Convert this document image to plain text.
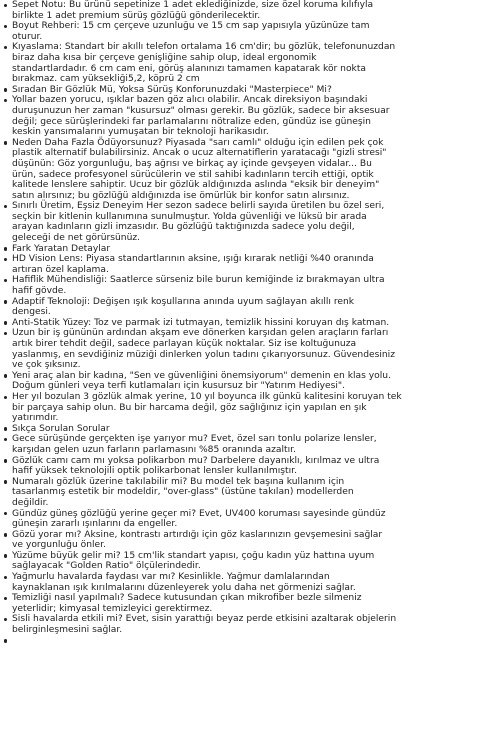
Sepet Notu: Bu ürünü sepetinize 1 adet eklediğinizde, size özel koruma kılıfıyla
birlikte 1 adet premium sürüş gözlüğü gönderilecektir.
Boyut Rehberi: 15 cm çerçeve uzunluğu ve 15 cm sap yapısıyla yüzünüze tam
oturur.
Kıyaslama: Standart bir akıllı telefon ortalama 16 cm'dir; bu gözlük, telefonunuzdan
biraz daha kısa bir çerçeve genişliğine sahip olup, ideal ergonomik
standartlardadır. 6 cm cam eni, görüş alanınızı tamamen kapatarak kör nokta
bırakmaz. cam yüksekliği5,2, köprü 2 cm
Sıradan Bir Gözlük Mü, Yoksa Sürüş Konforunuzdaki "Masterpiece" Mi?
Yollar bazen yorucu, ışıklar bazen göz alıcı olabilir. Ancak direksiyon başındaki
duruşunuzun her zaman "kusursuz" olması gerekir. Bu gözlük, sadece bir aksesuar
değil; gece sürüşlerindeki far parlamalarını nötralize eden, gündüz ise güneşin
keskin yansımalarını yumuşatan bir teknoloji harikasıdır.
Neden Daha Fazla Ödüyorsunuz? Piyasada "sarı camlı" olduğu için edilen pek çok
plastik alternatif bulabilirsiniz. Ancak o ucuz alternatiflerin yaratacağı "gizli stresi"
düşünün: Göz yorgunluğu, baş ağrısı ve birkaç ay içinde gevşeyen vidalar... Bu
ürün, sadece profesyonel sürücülerin ve stil sahibi kadınların tercih ettiği, optik
kalitede lenslere sahiptir. Ucuz bir gözlük aldığınızda aslında "eksik bir deneyim"
satın alırsınız; bu gözlüğü aldığınızda ise ömürlük bir konfor satın alırsınız.
Sınırlı Üretim, Eşsiz Deneyim Her sezon sadece belirli sayıda üretilen bu özel seri,
seçkin bir kitlenin kullanımına sunulmuştur. Yolda güvenliği ve lüksü bir arada
arayan kadınların gizli imzasıdır. Bu gözlüğü taktığınızda sadece yolu değil,
geleceği de net görürsünüz.
Fark Yaratan Detaylar
HD Vision Lens: Piyasa standartlarının aksine, ışığı kırarak netliği %40 oranında
artıran özel kaplama.
Hafiflik Mühendisliği: Saatlerce sürseniz bile burun kemiğinde iz bırakmayan ultra
hafif gövde.
Adaptif Teknoloji: Değişen ışık koşullarına anında uyum sağlayan akıllı renk
dengesi.
Anti-Statik Yüzey: Toz ve parmak izi tutmayan, temizlik hissini koruyan dış katman.
Uzun bir iş gününün ardından akşam eve dönerken karşıdan gelen araçların farları
artık birer tehdit değil, sadece parlayan küçük noktalar. Siz ise koltuğunuza
yaslanmış, en sevdiğiniz müziği dinlerken yolun tadını çıkarıyorsunuz. Güvendesiniz
ve çok şıksınız.
Yeni araç alan bir kadına, "Sen ve güvenliğini önemsiyorum" demenin en klas yolu.
Doğum günleri veya terfi kutlamaları için kusursuz bir "Yatırım Hediyesi".
Her yıl bozulan 3 gözlük almak yerine, 10 yıl boyunca ilk günkü kalitesini koruyan tek
bir parçaya sahip olun. Bu bir harcama değil, göz sağlığınız için yapılan en şık
yatırımdır.
Sıkça Sorulan Sorular
Gece sürüşünde gerçekten işe yarıyor mu? Evet, özel sarı tonlu polarize lensler,
karşıdan gelen uzun farların parlamasını %85 oranında azaltır.
Gözlük camı cam mı yoksa polikarbon mu? Darbelere dayanıklı, kırılmaz ve ultra
hafif yüksek teknolojili optik polikarbonat lensler kullanılmıştır.
Numaralı gözlük üzerine takılabilir mi? Bu model tek başına kullanım için
tasarlanmış estetik bir modeldir, "over-glass" (üstüne takılan) modellerden
değildir.
Gündüz güneş gözlüğü yerine geçer mi? Evet, UV400 koruması sayesinde gündüz
güneşin zararlı ışınlarını da engeller.
Gözü yorar mı? Aksine, kontrastı artırdığı için göz kaslarınızın gevşemesini sağlar
ve yorgunluğu önler.
Yüzüme büyük gelir mi? 15 cm'lik standart yapısı, çoğu kadın yüz hattına uyum
sağlayacak "Golden Ratio" ölçülerindedir.
Yağmurlu havalarda faydası var mı? Kesinlikle. Yağmur damlalarından
kaynaklanan ışık kırılmalarını düzenleyerek yolu daha net görmenizi sağlar.
Temizliği nasıl yapılmalı? Sadece kutusundan çıkan mikrofiber bezle silmeniz
yeterlidir; kimyasal temizleyici gerektirmez.
Sisli havalarda etkili mi? Evet, sisin yarattığı beyaz perde etkisini azaltarak objelerin
belirginleşmesini sağlar.
